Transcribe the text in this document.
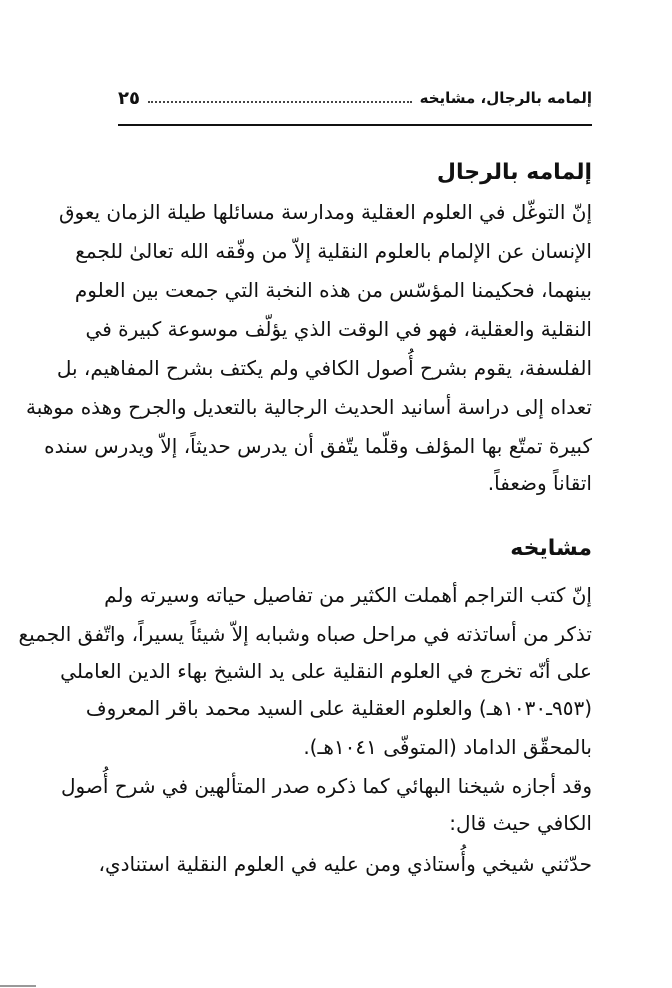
إلمامه بالرجال، مشايخه
٢٥
إلمامه بالرجال
إنّ التوغّل في العلوم العقلية ومدارسة مسائلها طيلة الزمان يعوق
الإنسان عن الإلمام بالعلوم النقلية إلاّ من وفّقه الله تعالىٰ للجمع
بينهما، فحكيمنا المؤسّس من هذه النخبة التي جمعت بين العلوم
النقلية والعقلية، فهو في الوقت الذي يؤلّف موسوعة كبيرة في
الفلسفة، يقوم بشرح أُصول الكافي ولم يكتف بشرح المفاهيم، بل
تعداه إلى دراسة أسانيد الحديث الرجالية بالتعديل والجرح وهذه موهبة
كبيرة تمتّع بها المؤلف وقلّما يتّفق أن يدرس حديثاً، إلاّ ويدرس سنده
اتقاناً وضعفاً.
مشايخه
إنّ كتب التراجم أهملت الكثير من تفاصيل حياته وسيرته ولم
تذكر من أساتذته في مراحل صباه وشبابه إلاّ شيئاً يسيراً، واتّفق الجميع
على أنّه تخرج في العلوم النقلية على يد الشيخ بهاء الدين العاملي
(٩٥٣ـ١٠٣٠هـ) والعلوم العقلية على السيد محمد باقر المعروف
بالمحقّق الداماد (المتوفّى ١٠٤١هـ).
وقد أجازه شيخنا البهائي كما ذكره صدر المتألهين في شرح أُصول
الكافي حيث قال:
حدّثني شيخي وأُستاذي ومن عليه في العلوم النقلية استنادي،
